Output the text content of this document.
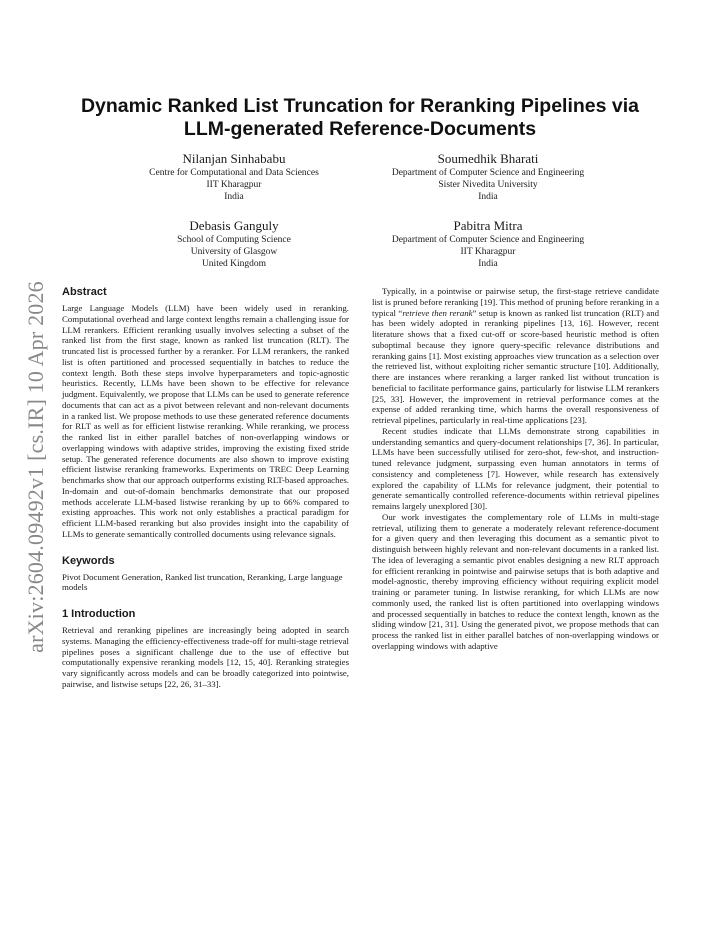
arXiv:2604.09492v1 [cs.IR] 10 Apr 2026
Dynamic Ranked List Truncation for Reranking Pipelines via LLM-generated Reference-Documents
Nilanjan Sinhababu
Centre for Computational and Data Sciences
IIT Kharagpur
India
Soumedhik Bharati
Department of Computer Science and Engineering
Sister Nivedita University
India
Debasis Ganguly
School of Computing Science
University of Glasgow
United Kingdom
Pabitra Mitra
Department of Computer Science and Engineering
IIT Kharagpur
India
Abstract

Large Language Models (LLM) have been widely used in reranking. Computational overhead and large context lengths remain a challenging issue for LLM rerankers. Efficient reranking usually involves selecting a subset of the ranked list from the first stage, known as ranked list truncation (RLT). The truncated list is processed further by a reranker. For LLM rerankers, the ranked list is often partitioned and processed sequentially in batches to reduce the context length. Both these steps involve hyperparameters and topic-agnostic heuristics. Recently, LLMs have been shown to be effective for relevance judgment. Equivalently, we propose that LLMs can be used to generate reference documents that can act as a pivot between relevant and non-relevant documents in a ranked list. We propose methods to use these generated reference documents for RLT as well as for efficient listwise reranking. While reranking, we process the ranked list in either parallel batches of non-overlapping windows or overlapping windows with adaptive strides, improving the existing fixed stride setup. The generated reference documents are also shown to improve existing efficient listwise reranking frameworks. Experiments on TREC Deep Learning benchmarks show that our approach outperforms existing RLT-based approaches. In-domain and out-of-domain benchmarks demonstrate that our proposed methods accelerate LLM-based listwise reranking by up to 66% compared to existing approaches. This work not only establishes a practical paradigm for efficient LLM-based reranking but also provides insight into the capability of LLMs to generate semantically controlled documents using relevance signals.

Keywords

Pivot Document Generation, Ranked list truncation, Reranking, Large language models

1 Introduction

Retrieval and reranking pipelines are increasingly being adopted in search systems. Managing the efficiency-effectiveness trade-off for multi-stage retrieval pipelines poses a significant challenge due to the use of effective but computationally expensive reranking models [12, 15, 40]. Reranking strategies vary significantly across models and can be broadly categorized into pointwise, pairwise, and listwise setups [22, 26, 31–33].

Typically, in a pointwise or pairwise setup, the first-stage retrieve candidate list is pruned before reranking [19]. This method of pruning before reranking in a typical “retrieve then rerank” setup is known as ranked list truncation (RLT) and has been widely adopted in reranking pipelines [13, 16]. However, recent literature shows that a fixed cut-off or score-based heuristic method is often suboptimal because they ignore query-specific relevance distributions and reranking gains [1]. Most existing approaches view truncation as a selection over the retrieved list, without exploiting richer semantic structure [10]. Additionally, there are instances where reranking a larger ranked list without truncation is beneficial to facilitate performance gains, particularly for listwise LLM rerankers [25, 33]. However, the improvement in retrieval performance comes at the expense of added reranking time, which harms the overall responsiveness of retrieval pipelines, particularly in real-time applications [23].

Recent studies indicate that LLMs demonstrate strong capabilities in understanding semantics and query-document relationships [7, 36]. In particular, LLMs have been successfully utilised for zero-shot, few-shot, and instruction-tuned relevance judgment, surpassing even human annotators in terms of consistency and completeness [7]. However, while research has extensively explored the capability of LLMs for relevance judgment, their potential to generate semantically controlled reference-documents within retrieval pipelines remains largely unexplored [30].

Our work investigates the complementary role of LLMs in multi-stage retrieval, utilizing them to generate a moderately relevant reference-document for a given query and then leveraging this document as a semantic pivot to distinguish between highly relevant and non-relevant documents in a ranked list. The idea of leveraging a semantic pivot enables designing a new RLT approach for efficient reranking in pointwise and pairwise setups that is both adaptive and model-agnostic, thereby improving efficiency without requiring explicit model training or parameter tuning. In listwise reranking, for which LLMs are now commonly used, the ranked list is often partitioned into overlapping windows and processed sequentially in batches to reduce the context length, known as the sliding window [21, 31]. Using the generated pivot, we propose methods that can process the ranked list in either parallel batches of non-overlapping windows or overlapping windows with adaptive
